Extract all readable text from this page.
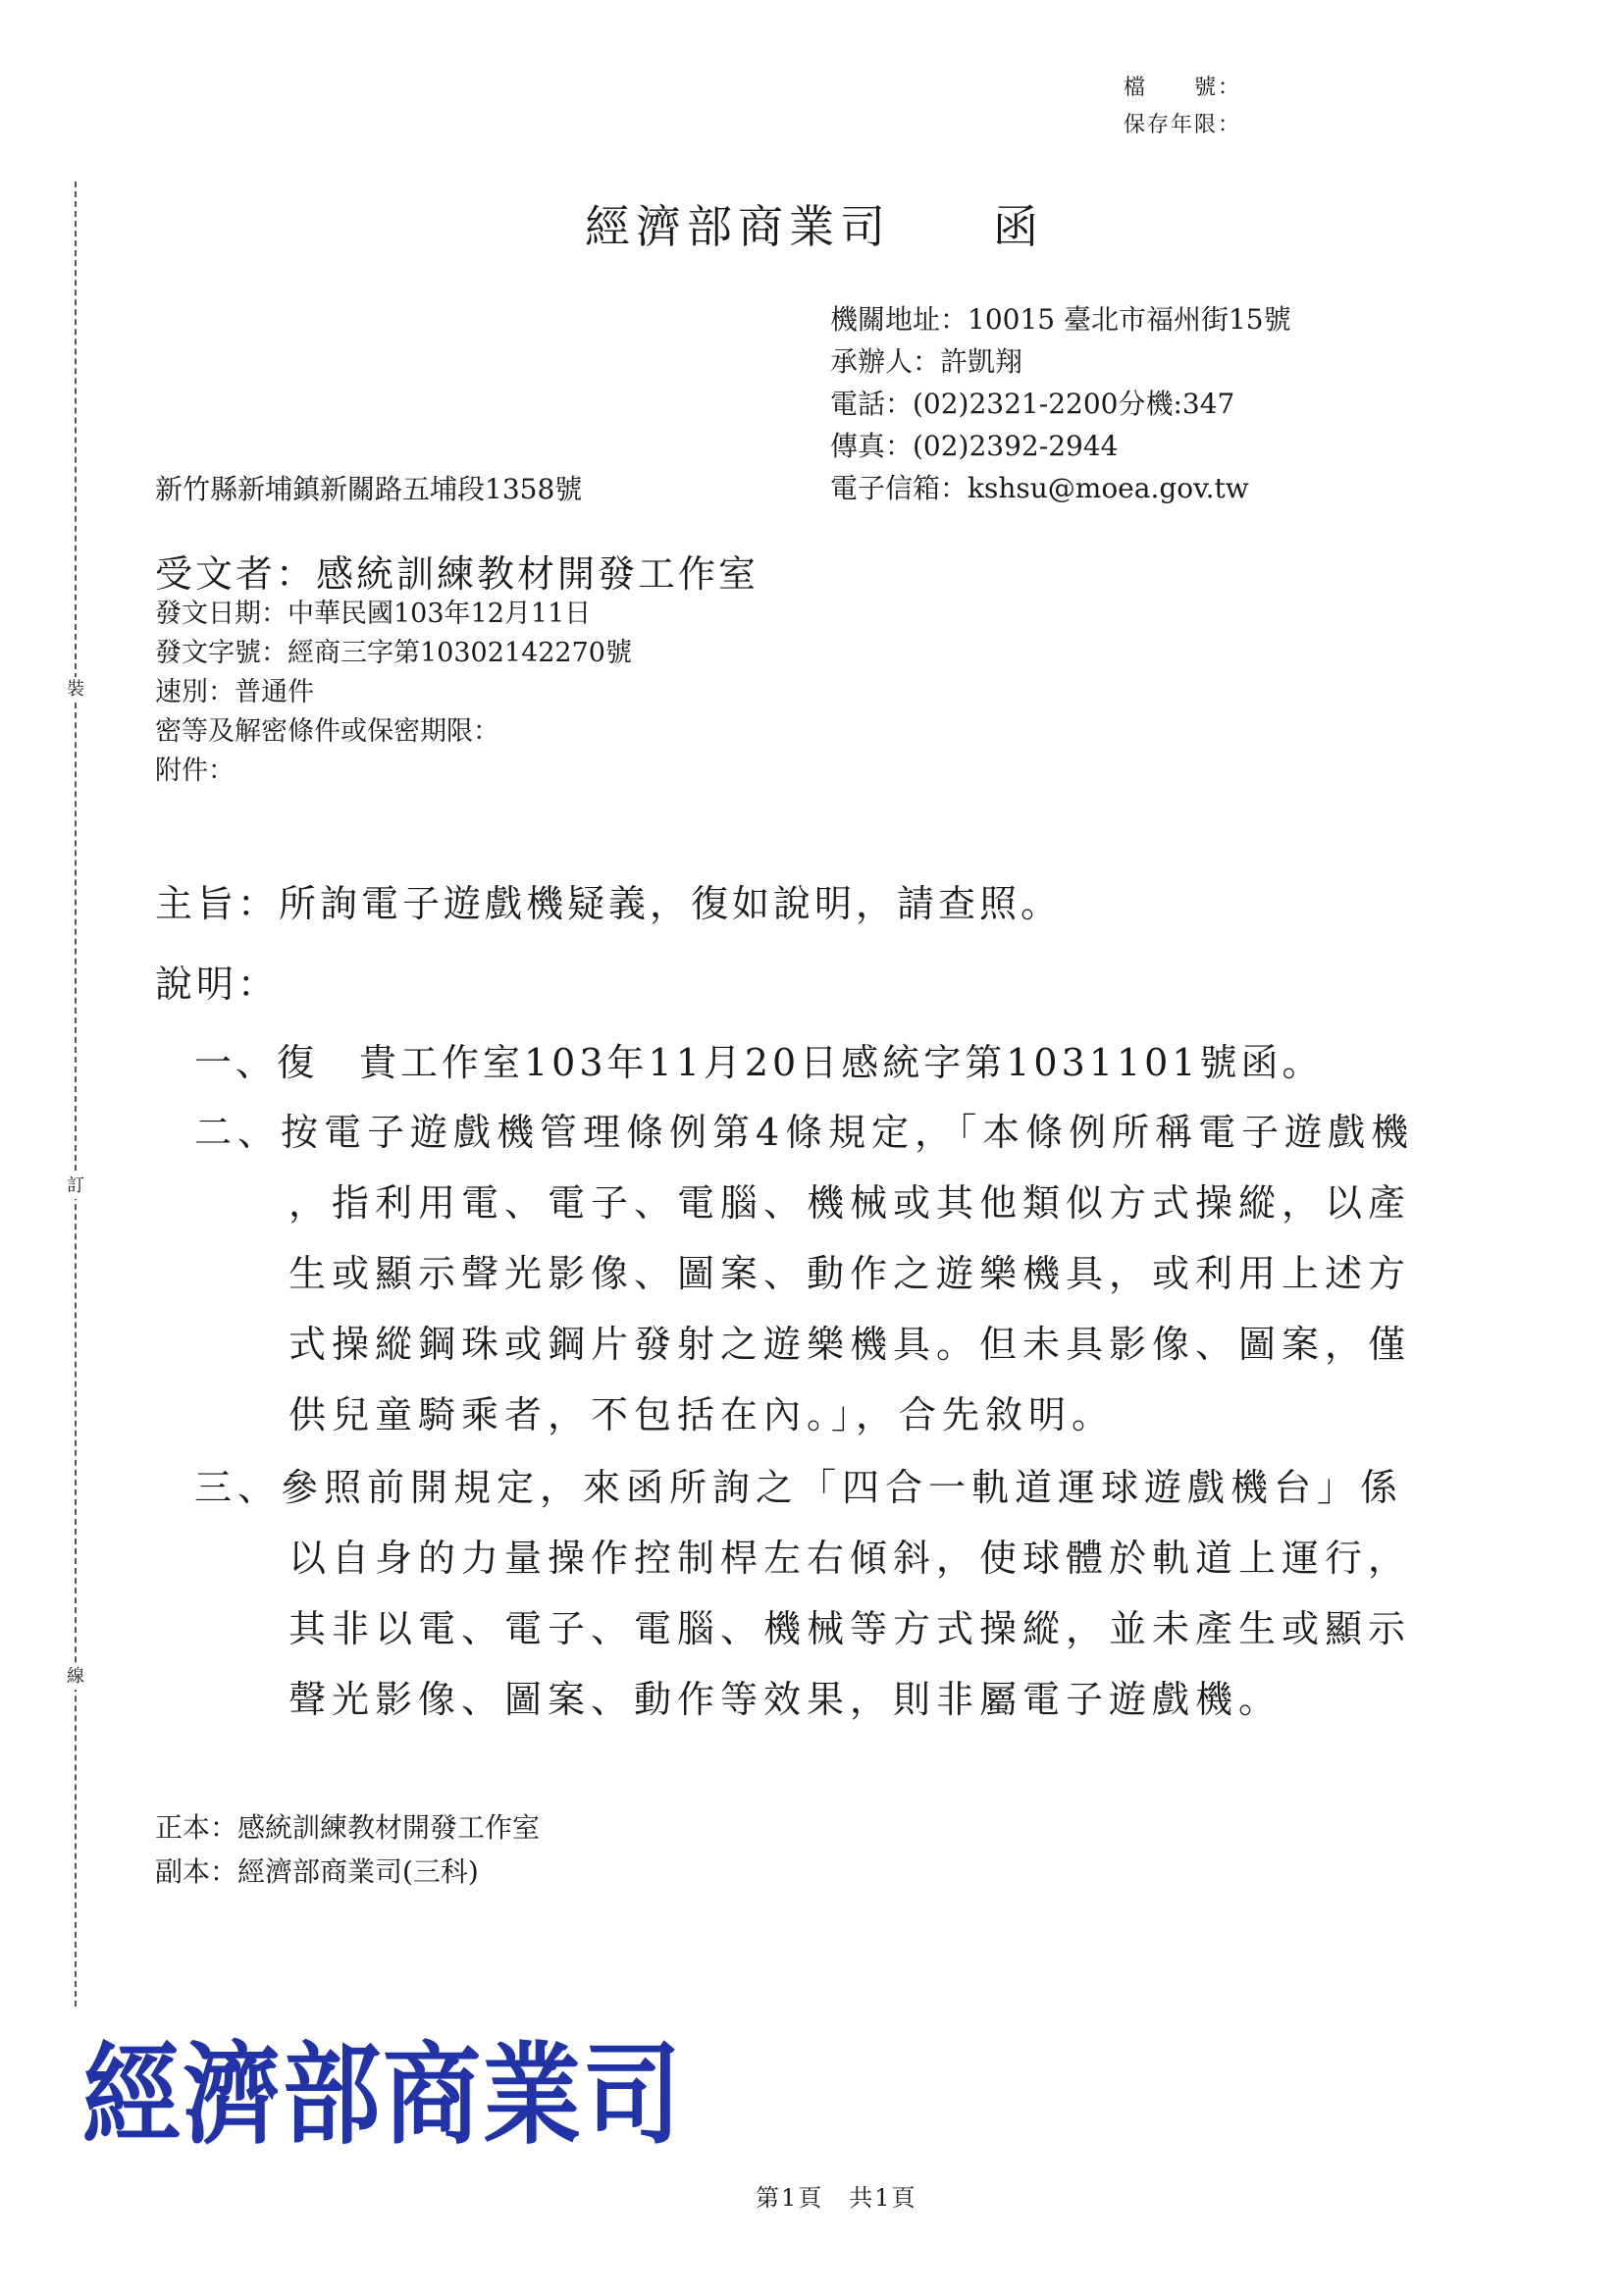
裝
訂
線
檔　　號：
保存年限：
經濟部商業司　　函
機關地址：10015 臺北市福州街15號
承辦人：許凱翔
電話：(02)2321-2200分機:347
傳真：(02)2392-2944
電子信箱：kshsu@moea.gov.tw
新竹縣新埔鎮新關路五埔段1358號
受文者：感統訓練教材開發工作室
發文日期：中華民國103年12月11日
發文字號：經商三字第10302142270號
速別：普通件
密等及解密條件或保密期限：
附件：
主旨：所詢電子遊戲機疑義，復如說明，請查照。
說明：
一、復　貴工作室103年11月20日感統字第1031101號函。
二、按電子遊戲機管理條例第4條規定，「本條例所稱電子遊戲機
，指利用電、電子、電腦、機械或其他類似方式操縱，以產
生或顯示聲光影像、圖案、動作之遊樂機具，或利用上述方
式操縱鋼珠或鋼片發射之遊樂機具。但未具影像、圖案，僅
供兒童騎乘者，不包括在內。」，合先敘明。
三、參照前開規定，來函所詢之「四合一軌道運球遊戲機台」係
以自身的力量操作控制桿左右傾斜，使球體於軌道上運行，
其非以電、電子、電腦、機械等方式操縱，並未產生或顯示
聲光影像、圖案、動作等效果，則非屬電子遊戲機。
正本：感統訓練教材開發工作室
副本：經濟部商業司(三科)
經濟部商業司
第1頁　共1頁
